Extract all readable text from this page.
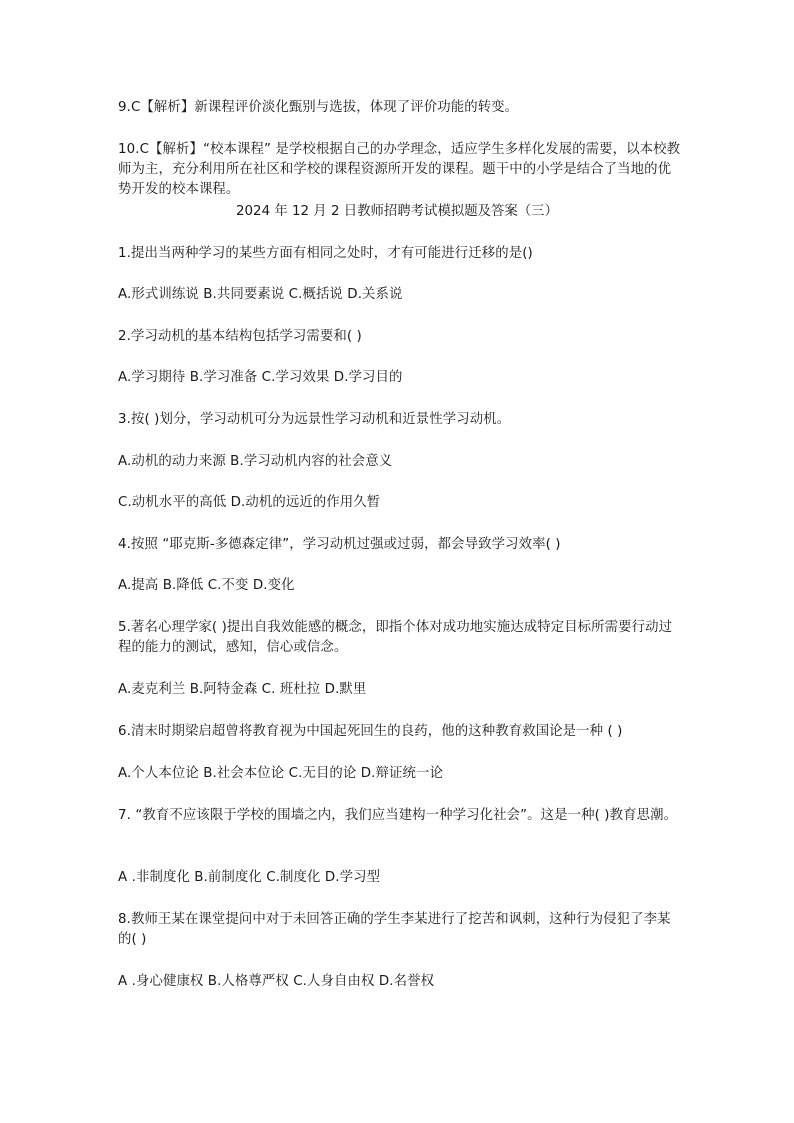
9.C【解析】新课程评价淡化甄别与选拔，体现了评价功能的转变。

10.C【解析】“校本课程” 是学校根据自己的办学理念，适应学生多样化发展的需要，以本校教师为主，充分利用所在社区和学校的课程资源所开发的课程。题干中的小学是结合了当地的优势开发的校本课程。

2024 年 12 月 2 日教师招聘考试模拟题及答案（三）

1.提出当两种学习的某些方面有相同之处时，才有可能进行迁移的是()

A.形式训练说 B.共同要素说 C.概括说 D.关系说

2.学习动机的基本结构包括学习需要和( )

A.学习期待 B.学习准备 C.学习效果 D.学习目的

3.按( )划分，学习动机可分为远景性学习动机和近景性学习动机。

A.动机的动力来源 B.学习动机内容的社会意义

C.动机水平的高低 D.动机的远近的作用久暂

4.按照 “耶克斯-多德森定律”，学习动机过强或过弱，都会导致学习效率( )

A.提高 B.降低 C.不变 D.变化

5.著名心理学家( )提出自我效能感的概念，即指个体对成功地实施达成特定目标所需要行动过程的能力的测试，感知，信心或信念。

A.麦克利兰 B.阿特金森 C. 班杜拉 D.默里

6.清末时期梁启超曾将教育视为中国起死回生的良药，他的这种教育救国论是一种 ( )

A.个人本位论 B.社会本位论 C.无目的论 D.辩证统一论

7. “教育不应该限于学校的围墙之内，我们应当建构一种学习化社会”。这是一种( )教育思潮。

A .非制度化 B.前制度化 C.制度化 D.学习型

8.教师王某在课堂提问中对于未回答正确的学生李某进行了挖苦和讽刺，这种行为侵犯了李某的( )

A .身心健康权 B.人格尊严权 C.人身自由权 D.名誉权
